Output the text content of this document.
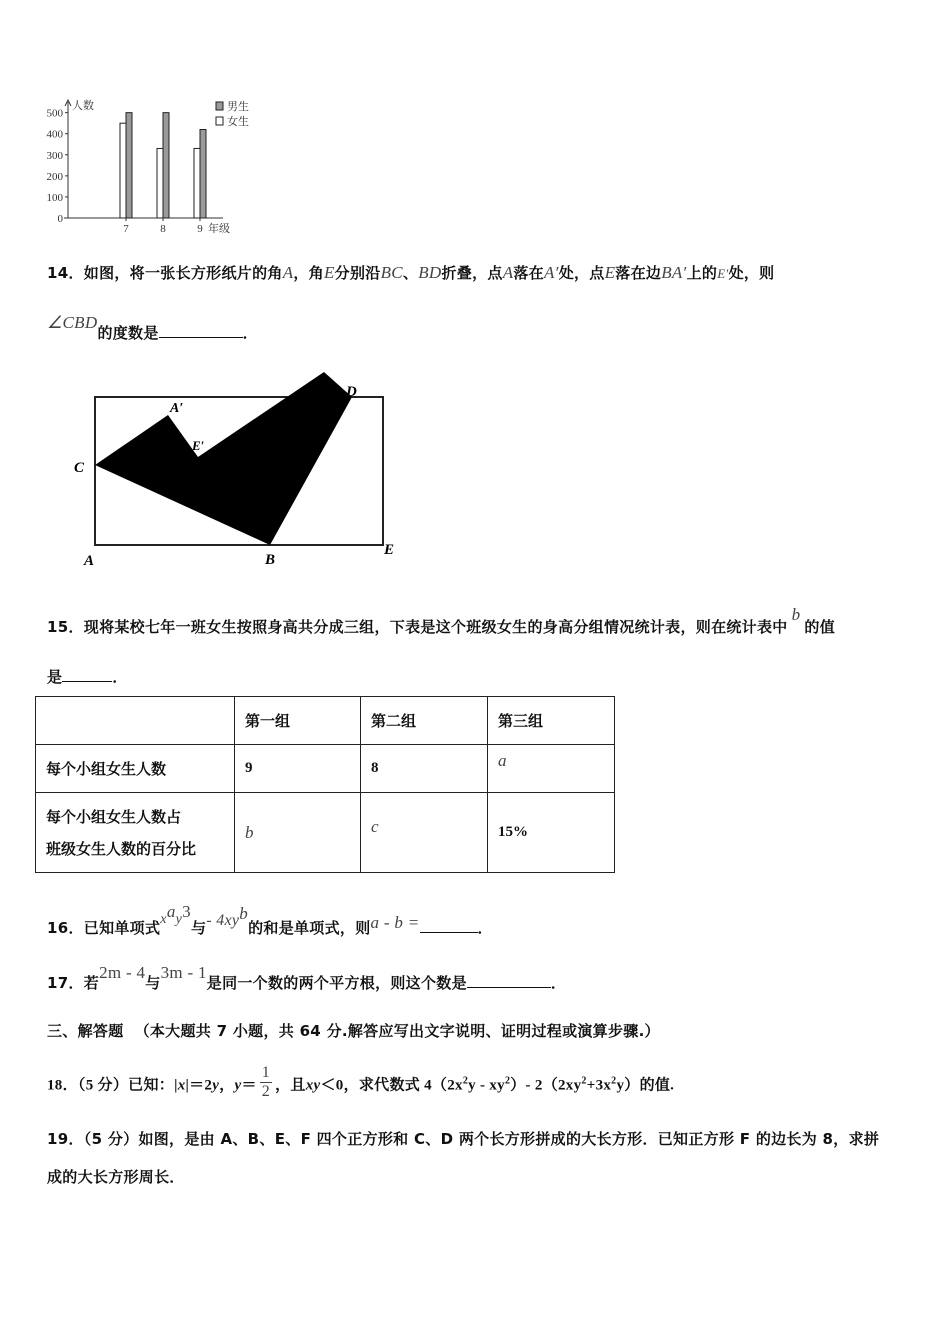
0
100
200
300
400
500
人数
7	8	9 年级
男生
女生
14．如图，将一张长方形纸片的角A，角E分别沿BC、BD折叠，点A落在A′处，点E落在边BA′上的E′处，则
∠CBD的度数是	．
C
A′
E′
D
A	B
E
15．现将某校七年一班女生按照身高共分成三组，下表是这个班级女生的身高分组情况统计表，则在统计表中b的值
是	．
	第一组	第二组	第三组
每个小组女生人数	9	8	a
每个小组女生人数占
班级女生人数的百分比	b	c	15%
16．已知单项式$x^ay^3$与- $4xy^b$的和是单项式，则a - b =	．
17．若2m - 4与3m - 1是同一个数的两个平方根，则这个数是	．
三、解答题 （本大题共 7 小题，共 64 分.解答应写出文字说明、证明过程或演算步骤.）
18．（5 分）已知：|x|＝2y，$y= \frac{1}{2}$ ，且xy＜0，求代数式 $4(2x^2y - xy^2)-$ $2(2xy^2+3x^2y)$的值.
19．（5 分）如图，是由 A、B、E、F 四个正方形和 C、D 两个长方形拼成的大长方形．已知正方形 F 的边长为 8，求拼
成的大长方形周长．
